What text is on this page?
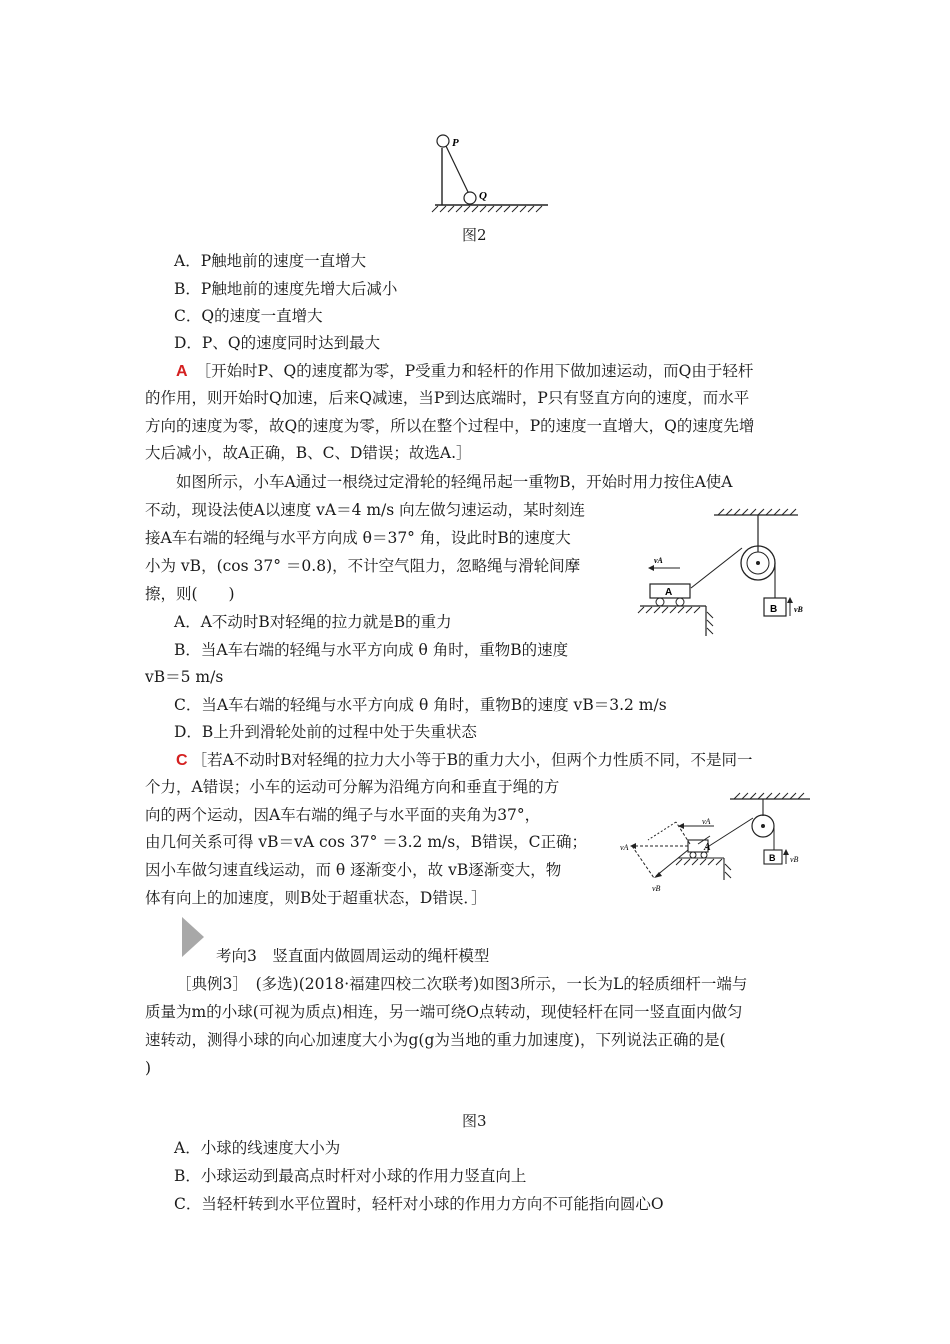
P
Q
图2
A．P触地前的速度一直增大
B．P触地前的速度先增大后减小
C．Q的速度一直增大
D．P、Q的速度同时达到最大
A ［开始时P、Q的速度都为零，P受重力和轻杆的作用下做加速运动，而Q由于轻杆
的作用，则开始时Q加速，后来Q减速，当P到达底端时，P只有竖直方向的速度，而水平
方向的速度为零，故Q的速度为零，所以在整个过程中，P的速度一直增大，Q的速度先增
大后减小，故A正确，B、C、D错误；故选A.］
如图所示，小车A通过一根绕过定滑轮的轻绳吊起一重物B，开始时用力按住A使A
不动，现设法使A以速度 vA＝4 m/s 向左做匀速运动，某时刻连
接A车右端的轻绳与水平方向成 θ＝37° 角，设此时B的速度大
小为 vB，(cos 37° ＝0.8)，不计空气阻力，忽略绳与滑轮间摩
擦，则(　　)
B vB
vA
A
A．A不动时B对轻绳的拉力就是B的重力
B．当A车右端的轻绳与水平方向成 θ 角时，重物B的速度
vB＝5 m/s
C．当A车右端的轻绳与水平方向成 θ 角时，重物B的速度 vB＝3.2 m/s
D．B上升到滑轮处前的过程中处于失重状态
C ［若A不动时B对轻绳的拉力大小等于B的重力大小，但两个力性质不同，不是同一
个力，A错误；小车的运动可分解为沿绳方向和垂直于绳的方
向的两个运动，因A车右端的绳子与水平面的夹角为37°，
由几何关系可得 vB＝vA cos 37° ＝3.2 m/s，B错误，C正确；
因小车做匀速直线运动，而 θ 逐渐变小，故 vB逐渐变大，物
体有向上的加速度，则B处于超重状态，D错误．］
B vB
A
vA
vA
vB
考向3　竖直面内做圆周运动的绳杆模型
［典例3］　(多选)(2018·福建四校二次联考)如图3所示，一长为L的轻质细杆一端与
质量为m的小球(可视为质点)相连，另一端可绕O点转动，现使轻杆在同一竖直面内做匀
速转动，测得小球的向心加速度大小为g(g为当地的重力加速度)，下列说法正确的是(
)
图3
A．小球的线速度大小为
B．小球运动到最高点时杆对小球的作用力竖直向上
C．当轻杆转到水平位置时，轻杆对小球的作用力方向不可能指向圆心O
